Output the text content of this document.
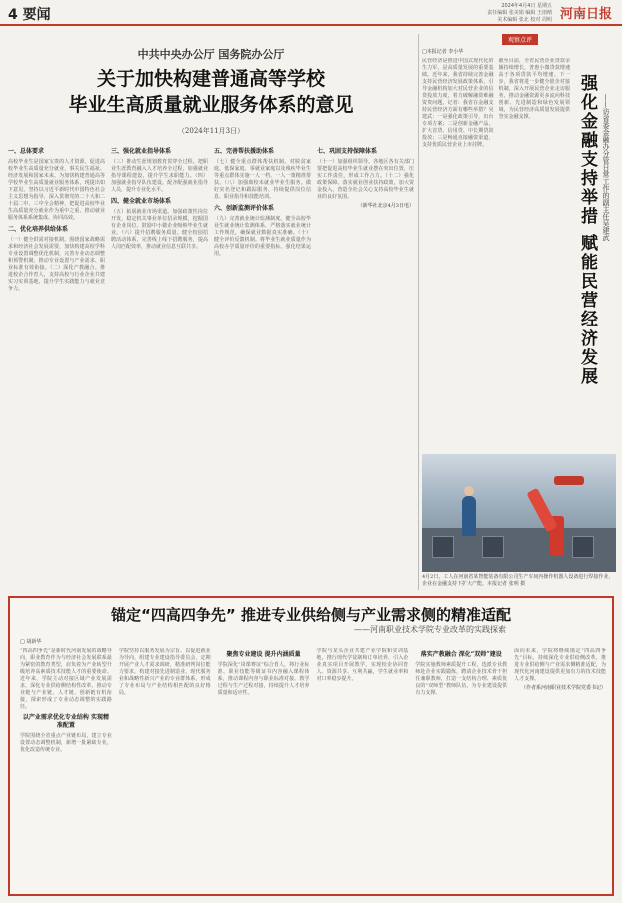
4 要闻
2024年4月4日 星期五
责任编辑 张美娟 编辑 王雨晴
美术编辑 张北 校对 周明 河南日报
中共中央办公厅 国务院办公厅
关于加快构建普通高等学校
毕业生高质量就业服务体系的意见
（2024年11月3日）
一、总体要求
高校毕业生是国家宝贵的人才资源，促进高校毕业生高质量充分就业，事关民生福祉、经济发展和国家未来。为加快构建普通高等学校毕业生高质量就业服务体系，现提出如下意见。坚持以习近平新时代中国特色社会主义思想为指导，深入贯彻党的二十大和二十届二中、三中全会精神，把促进高校毕业生高质量充分就业作为重中之重，推动就业服务体系系统集成、协同高效。
二、优化培养供给体系
（一）健全供需对接机制。围绕国家战略需求和经济社会发展需要，加快构建高校学科专业设置调整优化机制，完善专业动态调整和预警机制，推动专业设置与产业需求、职业标准有效衔接。（二）深化产教融合。推进校企合作育人，支持高校与行业企业共建实习实训基地，提升学生实践能力与就业竞争力。
三、强化就业指导体系
（三）推动生涯规划教育贯穿全过程。把职业生涯教育融入人才培养全过程，加强就业指导课程建设，提升学生求职能力。（四）加强就业指导队伍建设。配齐配强就业指导人员，提升专业化水平。
四、健全就业市场体系
（五）拓展就业市场渠道。加强政策性岗位开发，稳定机关事业单位招录规模，挖掘国有企业岗位，鼓励中小微企业吸纳毕业生就业。（六）提升招聘服务质量。健全校园招聘活动体系，完善线上线下招聘服务，提高人岗匹配效率，推动就业信息互联共享。
五、完善帮扶援助体系
（七）健全重点群体帮扶机制。对脱贫家庭、低保家庭、零就业家庭以及残疾毕业生等重点群体实施一人一档、一人一策精准帮扶。（八）加强离校未就业毕业生服务。做好实名登记和跟踪服务，持续提供岗位信息、职业指导和技能培训。
六、创新监测评价体系
（九）完善就业统计监测制度。健全高校毕业生就业统计监测体系，严格落实就业统计工作规范，确保就业数据真实准确。（十）健全评价反馈机制。将毕业生就业质量作为高校办学质量评价的重要指标，强化结果运用。
七、巩固支持保障体系
（十一）加强组织领导。各地区各有关部门要把促进高校毕业生就业摆在突出位置，压实工作责任，形成工作合力。（十二）强化政策保障。落实就业创业扶持政策，加大资金投入，营造全社会关心支持高校毕业生就业的良好氛围。
（新华社北京4月3日电）
观察点评
□本报记者 李小华
民营经济是推进中国式现代化的生力军，是高质量发展的重要基础。近年来，我省持续完善金融支持民营经济发展政策体系，引导金融机构加大对民营企业的信贷投放力度，着力破解融资难融资贵问题。记者：我省在金融支持民营经济方面有哪些举措？吴建武：一是强化政策引导，出台专项方案；二是创新金融产品，扩大首贷、信用贷、中长期贷款投放；三是畅通直接融资渠道，支持优质民营企业上市挂牌。
截至目前，全省民营企业贷款余额持续增长，普惠小微贷款增速高于各项贷款平均增速。下一步，我省将进一步健全银企对接机制，深入开展民营企业走访服务，推动金融资源更多流向科技创新、先进制造和绿色发展领域，为民营经济高质量发展提供坚实金融支撑。	强化金融支持举措 赋能民营经济发展 ——访省委金融办分管日常工作的副主任吴建武
4月2日，工人在河南省某智能装备有限公司生产车间内操作机器人设备进行焊接作业，企业在金融支持下扩大产能。本报记者 张明 摄
锚定“四高四争先” 推进专业供给侧与产业需求侧的精准适配
——河南职业技术学院专业改革的实践探索
□ 胡新华
“四高四争先”是新时代河南发展的战略导向，职业教育作为与经济社会发展联系最为紧密的教育类型，肩负着为产业转型升级培养高素质技术技能人才的重要使命。近年来，学院主动对接区域产业发展需求，深化专业供给侧结构性改革，推动专业链与产业链、人才链、创新链有机衔接，探索形成了专业动态调整的实践路径。
以产业需求优化专业结构 实现精准配置
学院围绕全省重点产业链布局，建立专业设置动态调整机制，新增一批紧缺专业，优化改造传统专业。
学院坚持以服务发展为宗旨、以促进就业为导向，组建专业建设指导委员会，定期开展产业人才需求调研，精准研判岗位能力要求，构建对接先进制造业、现代服务业和战略性新兴产业的专业群体系，形成了专业布局与产业结构相匹配的良好格局。
聚焦专业建设 提升内涵质量
学院深化“岗课赛证”综合育人，将行业标准、职业技能等级证书内容融入课程体系，推动课程内容与职业标准对接、教学过程与生产过程对接，持续提升人才培养质量和适应性。
学院与龙头企业共建产业学院和实训基地，推行现代学徒制和订单培养，引入企业真实项目开展教学，实现校企协同育人、资源共享、互利共赢，学生就业率和对口率稳步提升。
落实产教融合 深化“双师”建设
学院实施教师素质提升工程，选派专业教师赴企业实践锻炼，聘请企业技术骨干担任兼职教师，打造一支结构合理、素质优良的“双师型”教师队伍，为专业建设提供有力支撑。
面向未来，学院将继续锚定“四高四争先”目标，持续深化专业供给侧改革，推进专业供给侧与产业需求侧精准适配，为现代化河南建设提供更加有力的技术技能人才支撑。
（作者系河南职业技术学院党委书记）
